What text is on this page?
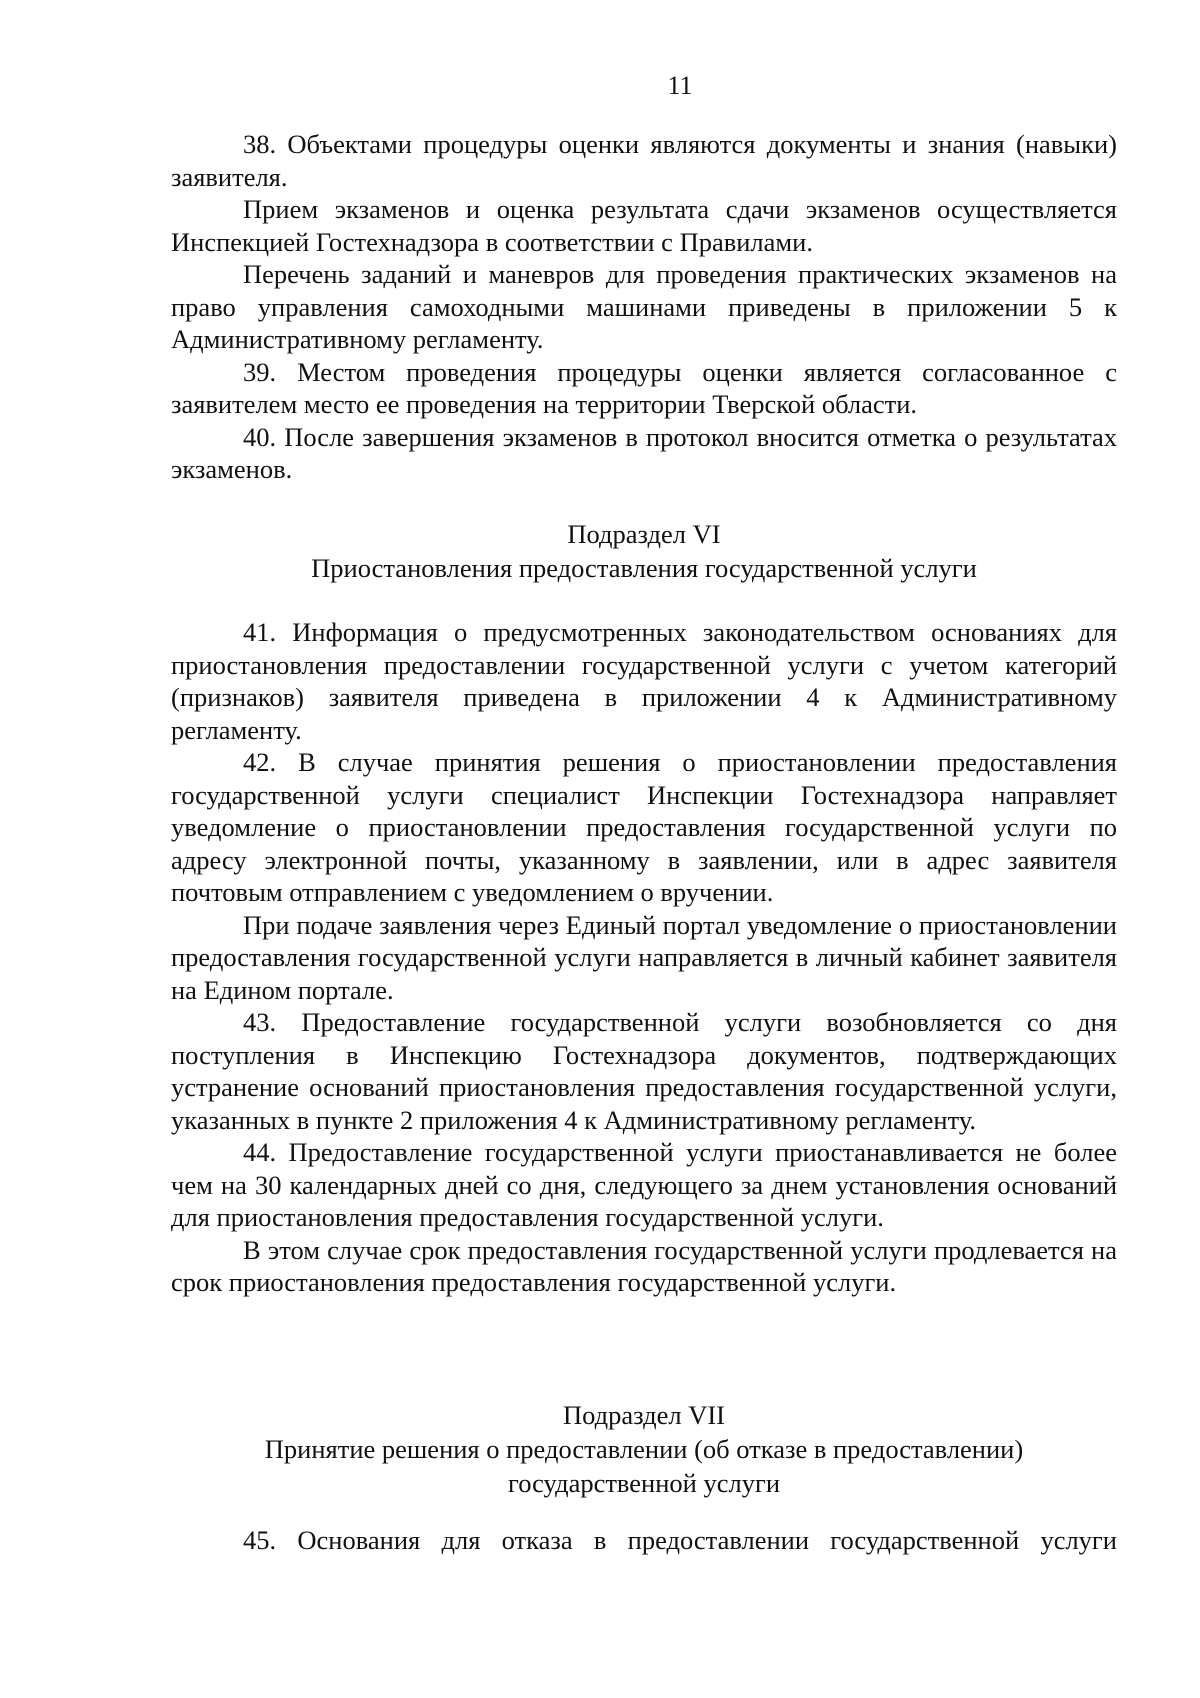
11

38. Объектами процедуры оценки являются документы и знания (навыки) заявителя.

Прием экзаменов и оценка результата сдачи экзаменов осуществляется Инспекцией Гостехнадзора в соответствии с Правилами.

Перечень заданий и маневров для проведения практических экзаменов на право управления самоходными машинами приведены в приложении 5 к Административному регламенту.

39. Местом проведения процедуры оценки является согласованное с заявителем место ее проведения на территории Тверской области.

40. После завершения экзаменов в протокол вносится отметка о результатах экзаменов.

Подраздел VI
Приостановления предоставления государственной услуги

41. Информация о предусмотренных законодательством основаниях для приостановления предоставлении государственной услуги с учетом категорий (признаков) заявителя приведена в приложении 4 к Административному регламенту.

42. В случае принятия решения о приостановлении предоставления государственной услуги специалист Инспекции Гостехнадзора направляет уведомление о приостановлении предоставления государственной услуги по адресу электронной почты, указанному в заявлении, или в адрес заявителя почтовым отправлением с уведомлением о вручении.

При подаче заявления через Единый портал уведомление о приостановлении предоставления государственной услуги направляется в личный кабинет заявителя на Едином портале.

43. Предоставление государственной услуги возобновляется со дня поступления в Инспекцию Гостехнадзора документов, подтверждающих устранение оснований приостановления предоставления государственной услуги, указанных в пункте 2 приложения 4 к Административному регламенту.

44. Предоставление государственной услуги приостанавливается не более чем на 30 календарных дней со дня, следующего за днем установления оснований для приостановления предоставления государственной услуги.

В этом случае срок предоставления государственной услуги продлевается на срок приостановления предоставления государственной услуги.

Подраздел VII
Принятие решения о предоставлении (об отказе в предоставлении)
государственной услуги

45. Основания для отказа в предоставлении государственной услуги
